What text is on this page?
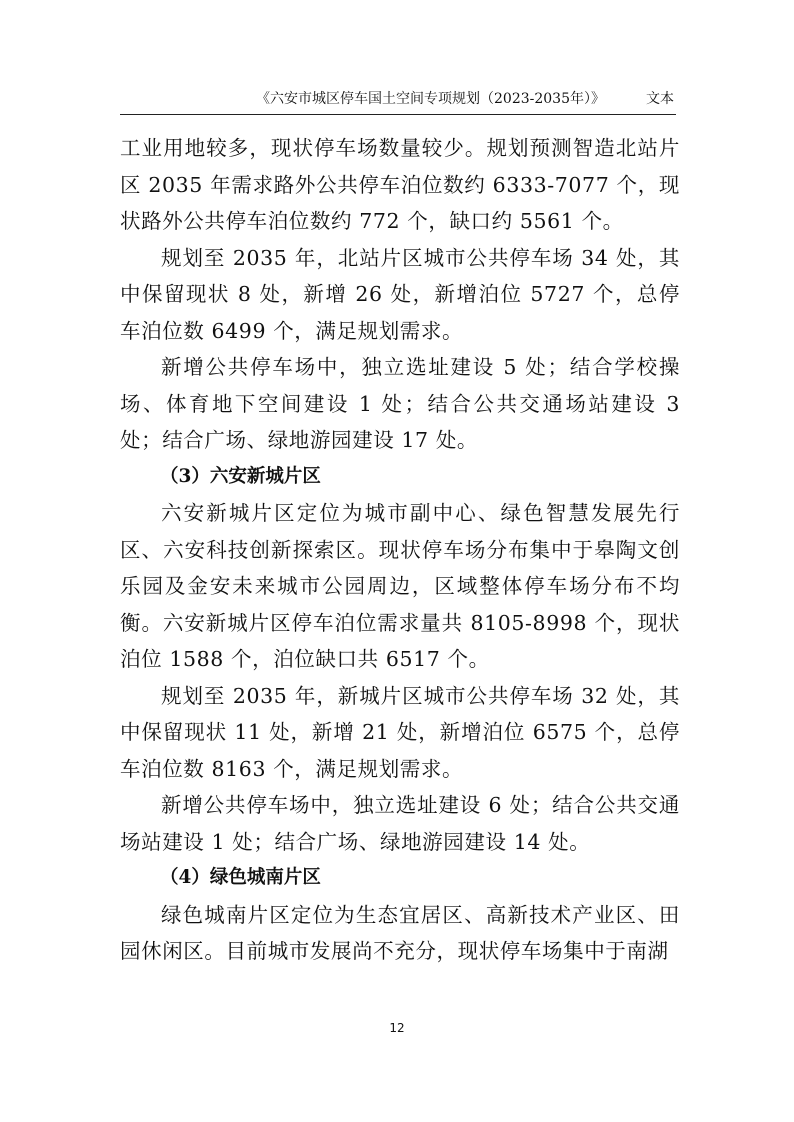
《六安市城区停车国土空间专项规划（2023-2035年）》	文本

工业用地较多，现状停车场数量较少。规划预测智造北站片区 2035 年需求路外公共停车泊位数约 6333-7077 个，现状路外公共停车泊位数约 772 个，缺口约 5561 个。

规划至 2035 年，北站片区城市公共停车场 34 处，其中保留现状 8 处，新增 26 处，新增泊位 5727 个，总停车泊位数 6499 个，满足规划需求。

新增公共停车场中，独立选址建设 5 处；结合学校操场、体育地下空间建设 1 处；结合公共交通场站建设 3 处；结合广场、绿地游园建设 17 处。

（3）六安新城片区

六安新城片区定位为城市副中心、绿色智慧发展先行区、六安科技创新探索区。现状停车场分布集中于皋陶文创乐园及金安未来城市公园周边，区域整体停车场分布不均衡。六安新城片区停车泊位需求量共 8105-8998 个，现状泊位 1588 个，泊位缺口共 6517 个。

规划至 2035 年，新城片区城市公共停车场 32 处，其中保留现状 11 处，新增 21 处，新增泊位 6575 个，总停车泊位数 8163 个，满足规划需求。

新增公共停车场中，独立选址建设 6 处；结合公共交通场站建设 1 处；结合广场、绿地游园建设 14 处。

（4）绿色城南片区

绿色城南片区定位为生态宜居区、高新技术产业区、田园休闲区。目前城市发展尚不充分，现状停车场集中于南湖

12
